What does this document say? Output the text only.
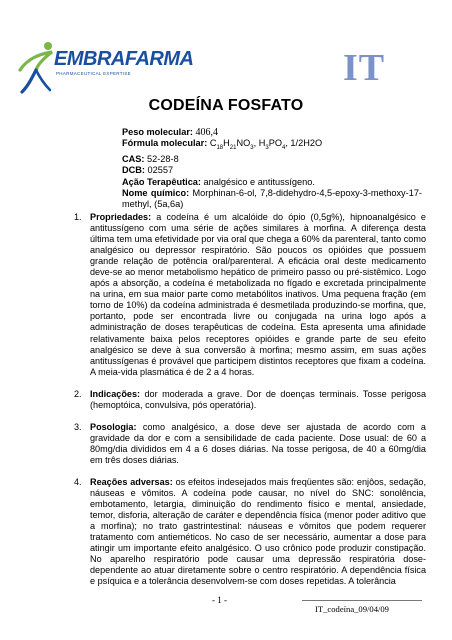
EMBRAFARMA
PHARMACEUTICAL EXPERTISE	IT
CODEÍNA FOSFATO
Peso molecular: 406,4
Fórmula molecular: $C_{18}H_{21}NO_3$, $H_3PO_4$, 1/2H2O
CAS: 52-28-8
DCB: 02557
Ação Terapêutica: analgésico e antitussígeno.
Nome químico: Morphinan-6-ol, 7,8-didehydro-4,5-epoxy-3-methoxy-17-methyl, (5a,6a)
1. Propriedades: a codeína é um alcalóide do ópio (0,5g%), hipnoanalgésico e antitussígeno com uma série de ações similares à morfina. A diferença desta última tem uma efetividade por via oral que chega a 60% da parenteral, tanto como analgésico ou depressor respiratório. São poucos os opióides que possuem grande relação de potência oral/parenteral. A eficácia oral deste medicamento deve-se ao menor metabolismo hepático de primeiro passo ou pré-sistêmico. Logo após a absorção, a codeína é metabolizada no fígado e excretada principalmente na urina, em sua maior parte como metabólitos inativos. Uma pequena fração (em torno de 10%) da codeína administrada é desmetilada produzindo-se morfina, que, portanto, pode ser encontrada livre ou conjugada na urina logo após a administração de doses terapêuticas de codeína. Esta apresenta uma afinidade relativamente baixa pelos receptores opióides e grande parte de seu efeito analgésico se deve à sua conversão à morfina; mesmo assim, em suas ações antitussígenas é provável que participem distintos receptores que fixam a codeína. A meia-vida plasmática é de 2 a 4 horas.
2. Indicações: dor moderada a grave. Dor de doenças terminais. Tosse perigosa (hemoptóica, convulsiva, pós operatória).
3. Posologia: como analgésico, a dose deve ser ajustada de acordo com a gravidade da dor e com a sensibilidade de cada paciente. Dose usual: de 60 a 80mg/dia divididos em 4 a 6 doses diárias. Na tosse perigosa, de 40 a 60mg/dia em três doses diárias.
4. Reações adversas: os efeitos indesejados mais freqüentes são: enjôos, sedação, náuseas e vômitos. A codeína pode causar, no nível do SNC: sonolência, embotamento, letargia, diminuição do rendimento físico e mental, ansiedade, temor, disforia, alteração de caráter e dependência física (menor poder aditivo que a morfina); no trato gastrintestinal: náuseas e vômitos que podem requerer tratamento com antieméticos. No caso de ser necessário, aumentar a dose para atingir um importante efeito analgésico. O uso crônico pode produzir constipação. No aparelho respiratório pode causar uma depressão respiratória dose-dependente ao atuar diretamente sobre o centro respiratório. A dependência física e psíquica e a tolerância desenvolvem-se com doses repetidas. A tolerância
- 1 -
IT_codeína_09/04/09
